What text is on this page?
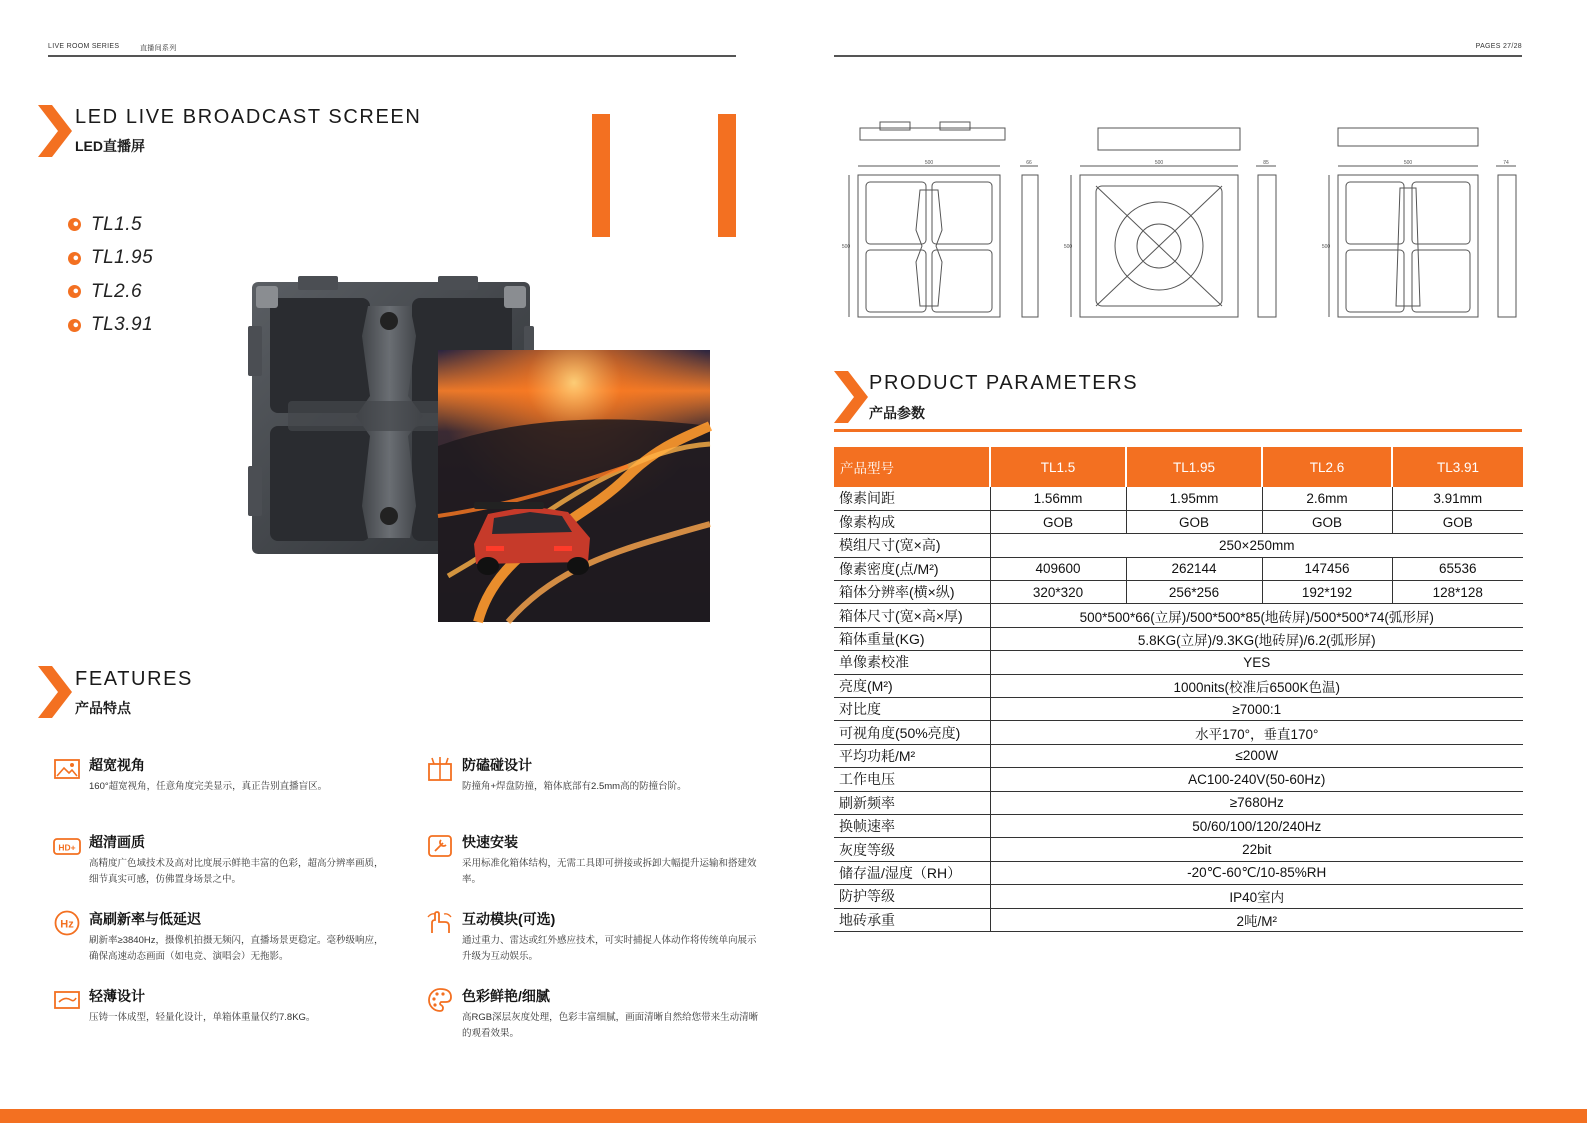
LIVE ROOM SERIES	直播间系列	PAGES 27/28
LED LIVE BROADCAST SCREEN
LED直播屏
TL1.5
TL1.95
TL2.6
TL3.91
FEATURES
产品特点
超宽视角
160°超宽视角，任意角度完美显示，真正告别直播盲区。
防磕碰设计
防撞角+焊盘防撞，箱体底部有2.5mm高的防撞台阶。
HD+ 超清画质
高精度广色域技术及高对比度展示鲜艳丰富的色彩，超高分辨率画质，细节真实可感，仿佛置身场景之中。
快速安装
采用标准化箱体结构，无需工具即可拼接或拆卸大幅提升运输和搭建效率。
Hz 高刷新率与低延迟
刷新率≥3840Hz，摄像机拍摄无频闪，直播场景更稳定。毫秒级响应，确保高速动态画面（如电竞、演唱会）无拖影。
互动模块(可选)
通过重力、雷达或红外感应技术，可实时捕捉人体动作将传统单向展示升级为互动娱乐。
轻薄设计
压铸一体成型，轻量化设计，单箱体重量仅约7.8KG。
色彩鲜艳/细腻
高RGB深层灰度处理，色彩丰富细腻，画面清晰自然给您带来生动清晰的观看效果。
500	66	500	85	500	74
500	500	500
PRODUCT PARAMETERS
产品参数
产品型号	TL1.5	TL1.95	TL2.6	TL3.91
像素间距	1.56mm	1.95mm	2.6mm	3.91mm
像素构成	GOB	GOB	GOB	GOB
模组尺寸(宽×高)	250×250mm			
像素密度(点/M²)	409600	262144	147456	65536
箱体分辨率(横×纵)	320*320	256*256	192*192	128*128
箱体尺寸(宽×高×厚)	500*500*66(立屏)/500*500*85(地砖屏)/500*500*74(弧形屏)			
箱体重量(KG)	5.8KG(立屏)/9.3KG(地砖屏)/6.2(弧形屏)			
单像素校准	YES			
亮度(M²)	1000nits(校准后6500K色温)			
对比度	≥7000:1			
可视角度(50%亮度)	水平170°，垂直170°			
平均功耗/M²	≤200W			
工作电压	AC100-240V(50-60Hz)			
刷新频率	≥7680Hz			
换帧速率	50/60/100/120/240Hz			
灰度等级	22bit			
储存温/湿度（RH）	-20℃-60℃/10-85%RH			
防护等级	IP40室内			
地砖承重	2吨/M²			
